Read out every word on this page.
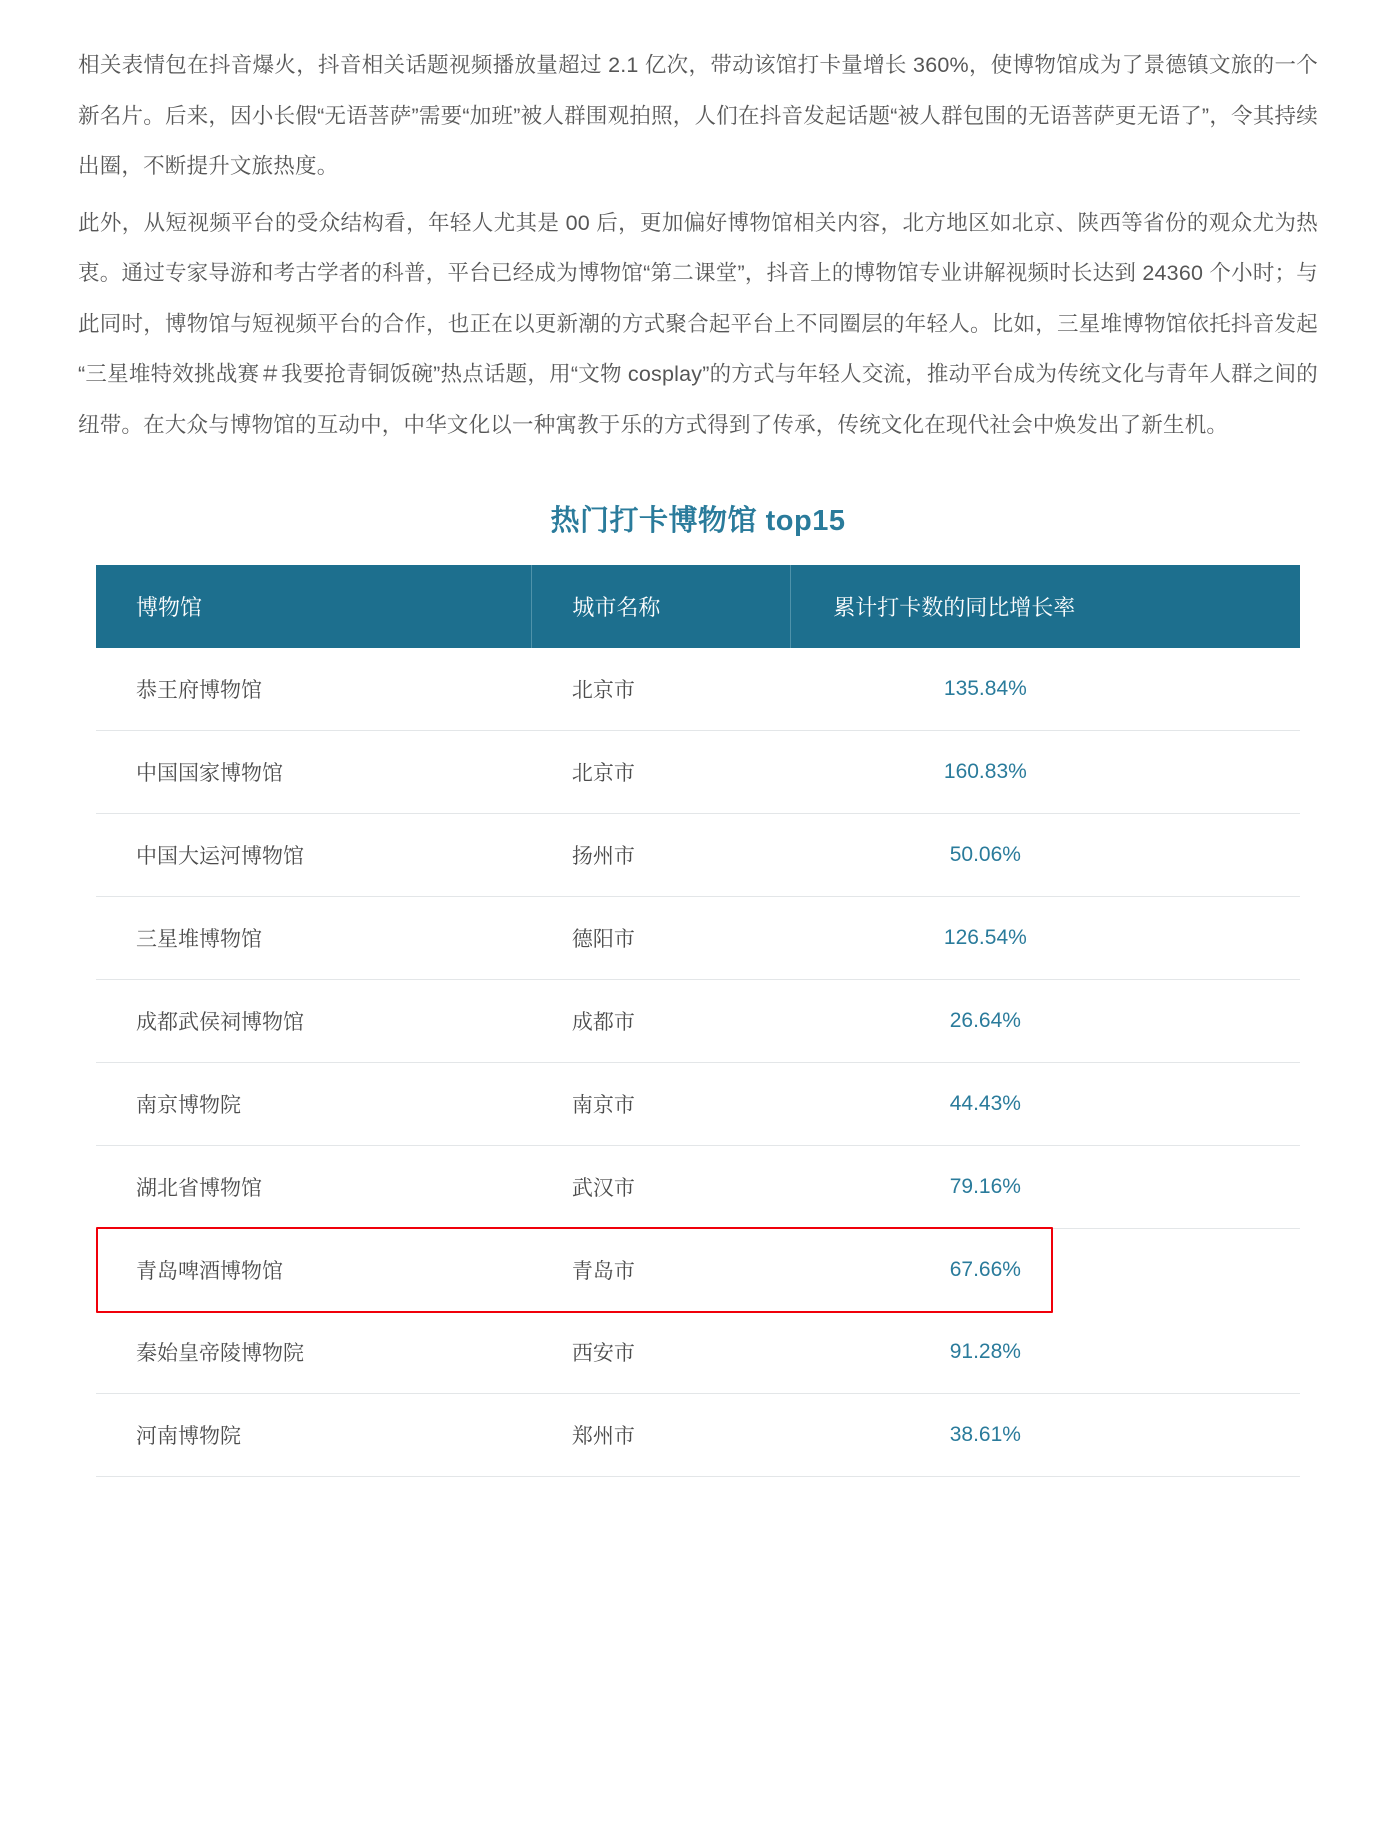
相关表情包在抖音爆火，抖音相关话题视频播放量超过 2.1 亿次，带动该馆打卡量增长 360%，使博物馆成为了景德镇文旅的一个新名片。后来，因小长假“无语菩萨”需要“加班”被人群围观拍照，人们在抖音发起话题“被人群包围的无语菩萨更无语了”，令其持续出圈，不断提升文旅热度。

此外，从短视频平台的受众结构看，年轻人尤其是 00 后，更加偏好博物馆相关内容，北方地区如北京、陕西等省份的观众尤为热衷。通过专家导游和考古学者的科普，平台已经成为博物馆“第二课堂”，抖音上的博物馆专业讲解视频时长达到 24360 个小时；与此同时，博物馆与短视频平台的合作，也正在以更新潮的方式聚合起平台上不同圈层的年轻人。比如，三星堆博物馆依托抖音发起“三星堆特效挑战赛＃我要抢青铜饭碗”热点话题，用“文物 cosplay”的方式与年轻人交流，推动平台成为传统文化与青年人群之间的纽带。在大众与博物馆的互动中，中华文化以一种寓教于乐的方式得到了传承，传统文化在现代社会中焕发出了新生机。

热门打卡博物馆 top15
博物馆	城市名称	累计打卡数的同比增长率
恭王府博物馆	北京市	135.84%
中国国家博物馆	北京市	160.83%
中国大运河博物馆	扬州市	50.06%
三星堆博物馆	德阳市	126.54%
成都武侯祠博物馆	成都市	26.64%
南京博物院	南京市	44.43%
湖北省博物馆	武汉市	79.16%
青岛啤酒博物馆	青岛市	67.66%
秦始皇帝陵博物院	西安市	91.28%
河南博物院	郑州市	38.61%
